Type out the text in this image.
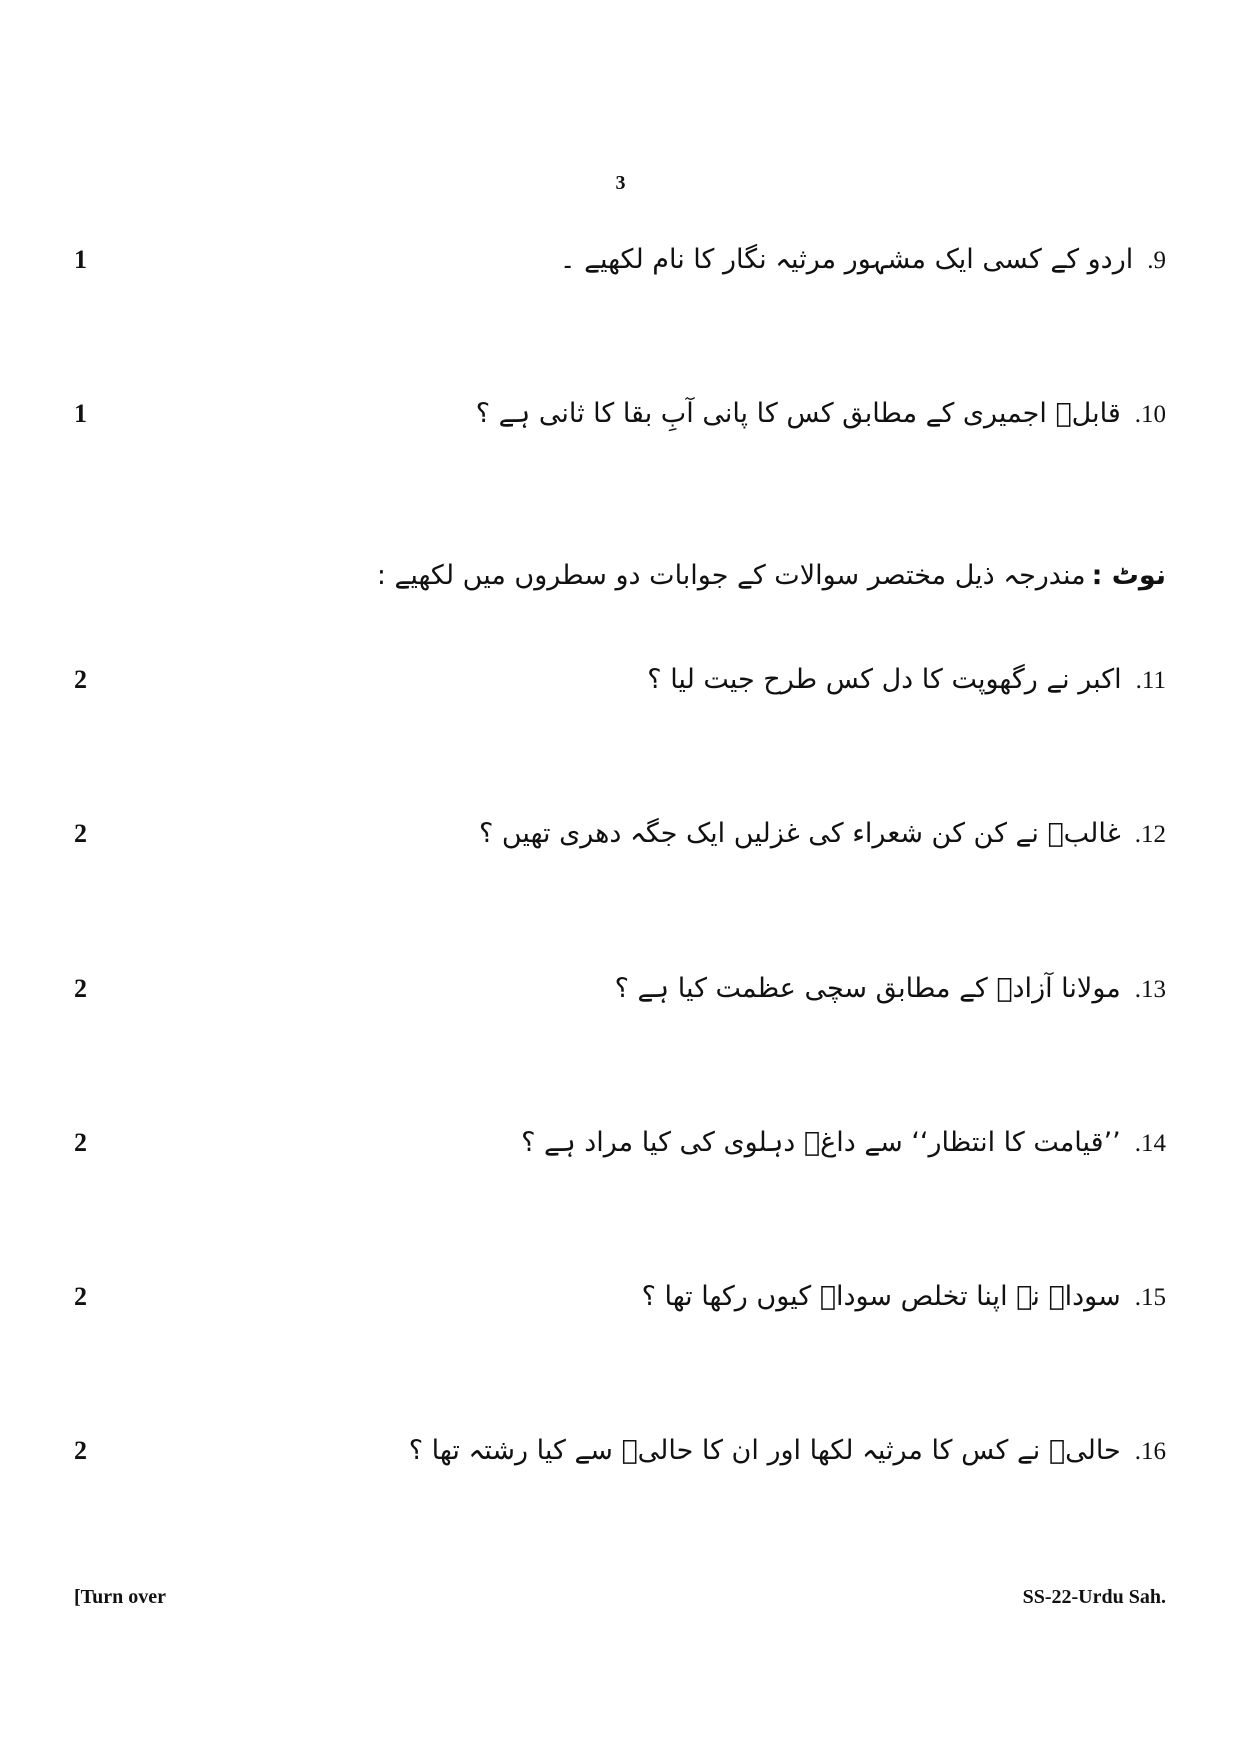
3
.9اردو کے کسی ایک مشہور مرثیہ نگار کا نام لکھیے ۔
1
.10قابلؔ اجمیری کے مطابق کس کا پانی آبِ بقا کا ثانی ہے ؟
1
نوٹ :مندرجہ ذیل مختصر سوالات کے جوابات دو سطروں میں لکھیے :
.11اکبر نے رگھوپت کا دل کس طرح جیت لیا ؟
2
.12غالبؔ نے کن کن شعراء کی غزلیں ایک جگہ دھری تھیں ؟
2
.13مولانا آزادؔ کے مطابق سچی عظمت کیا ہے ؟
2
.14’’قیامت کا انتظار‘‘ سے داغؔ دہلوی کی کیا مراد ہے ؟
2
.15سوداؔ نے اپنا تخلص سوداؔ کیوں رکھا تھا ؟
2
.16حالیؔ نے کس کا مرثیہ لکھا اور ان کا حالیؔ سے کیا رشتہ تھا ؟
2
[Turn over	SS-22-Urdu Sah.
